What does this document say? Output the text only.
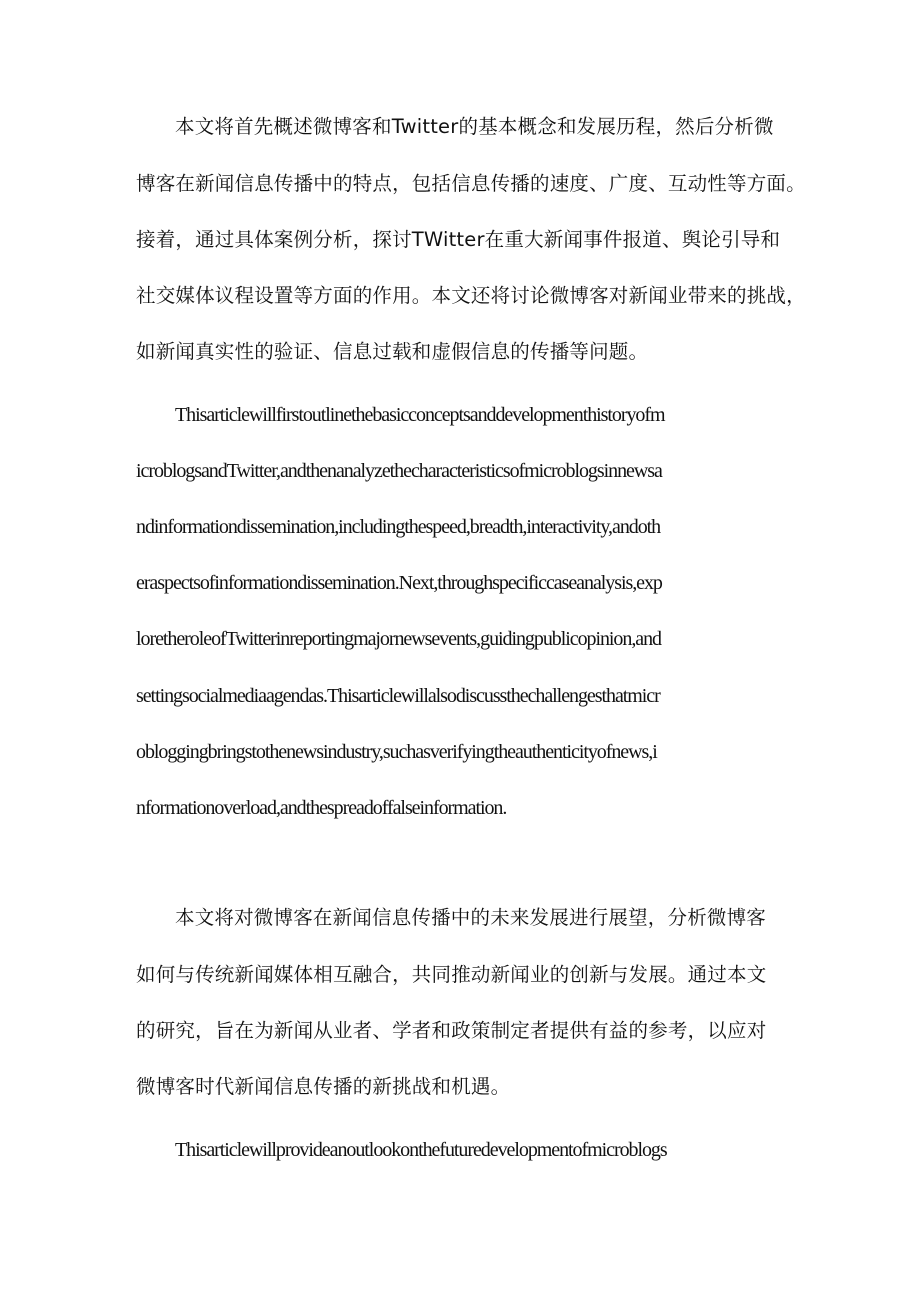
本文将首先概述微博客和Twitter的基本概念和发展历程，然后分析微
博客在新闻信息传播中的特点，包括信息传播的速度、广度、互动性等方面。
接着，通过具体案例分析，探讨TWitter在重大新闻事件报道、舆论引导和
社交媒体议程设置等方面的作用。本文还将讨论微博客对新闻业带来的挑战，
如新闻真实性的验证、信息过载和虚假信息的传播等问题。
Thisarticlewillfirstoutlinethebasicconceptsanddevelopmenthistoryofm
icroblogsandTwitter,andthenanalyzethecharacteristicsofmicroblogsinnewsa
ndinformationdissemination,includingthespeed,breadth,interactivity,andoth
eraspectsofinformationdissemination.Next,throughspecificcaseanalysis,exp
loretheroleofTwitterinreportingmajornewsevents,guidingpublicopinion,and
settingsocialmediaagendas.Thisarticlewillalsodiscussthechallengesthatmicr
obloggingbringstothenewsindustry,suchasverifyingtheauthenticityofnews,i
nformationoverload,andthespreadoffalseinformation.
本文将对微博客在新闻信息传播中的未来发展进行展望，分析微博客
如何与传统新闻媒体相互融合，共同推动新闻业的创新与发展。通过本文
的研究，旨在为新闻从业者、学者和政策制定者提供有益的参考，以应对
微博客时代新闻信息传播的新挑战和机遇。
Thisarticlewillprovideanoutlookonthefuturedevelopmentofmicroblogs
